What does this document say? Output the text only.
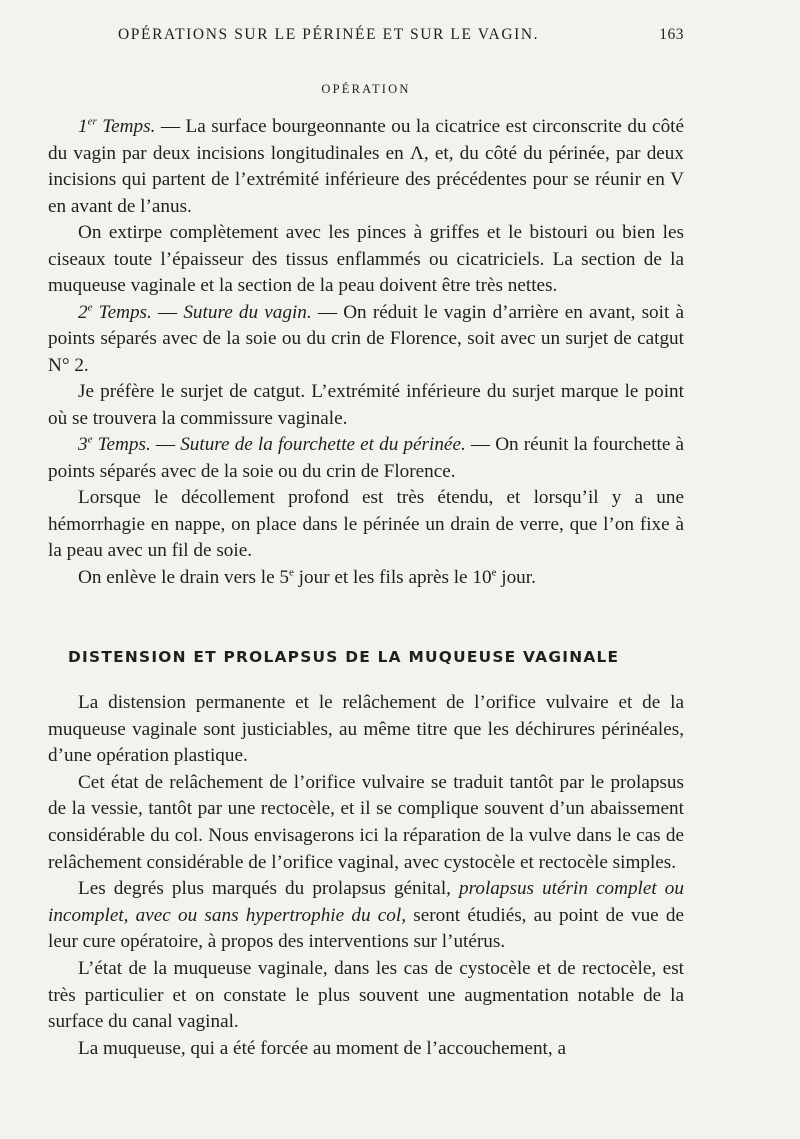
OPÉRATIONS SUR LE PÉRINÉE ET SUR LE VAGIN.	163
OPÉRATION

1er Temps. — La surface bourgeonnante ou la cicatrice est circonscrite du côté du vagin par deux incisions longitudinales en Λ, et, du côté du périnée, par deux incisions qui partent de l’extrémité inférieure des précédentes pour se réunir en V en avant de l’anus.

On extirpe complètement avec les pinces à griffes et le bistouri ou bien les ciseaux toute l’épaisseur des tissus enflammés ou cicatriciels. La section de la muqueuse vaginale et la section de la peau doivent être très nettes.

2e Temps. — Suture du vagin. — On réduit le vagin d’arrière en avant, soit à points séparés avec de la soie ou du crin de Florence, soit avec un surjet de catgut N° 2.

Je préfère le surjet de catgut. L’extrémité inférieure du surjet marque le point où se trouvera la commissure vaginale.

3e Temps. — Suture de la fourchette et du périnée. — On réunit la fourchette à points séparés avec de la soie ou du crin de Florence.

Lorsque le décollement profond est très étendu, et lorsqu’il y a une hémorrhagie en nappe, on place dans le périnée un drain de verre, que l’on fixe à la peau avec un fil de soie.

On enlève le drain vers le 5e jour et les fils après le 10e jour.

DISTENSION ET PROLAPSUS DE LA MUQUEUSE VAGINALE

La distension permanente et le relâchement de l’orifice vulvaire et de la muqueuse vaginale sont justiciables, au même titre que les déchirures périnéales, d’une opération plastique.

Cet état de relâchement de l’orifice vulvaire se traduit tantôt par le prolapsus de la vessie, tantôt par une rectocèle, et il se complique souvent d’un abaissement considérable du col. Nous envisagerons ici la réparation de la vulve dans le cas de relâchement considérable de l’orifice vaginal, avec cystocèle et rectocèle simples.

Les degrés plus marqués du prolapsus génital, prolapsus utérin complet ou incomplet, avec ou sans hypertrophie du col, seront étudiés, au point de vue de leur cure opératoire, à propos des interventions sur l’utérus.

L’état de la muqueuse vaginale, dans les cas de cystocèle et de rectocèle, est très particulier et on constate le plus souvent une augmentation notable de la surface du canal vaginal.

La muqueuse, qui a été forcée au moment de l’accouchement, a
